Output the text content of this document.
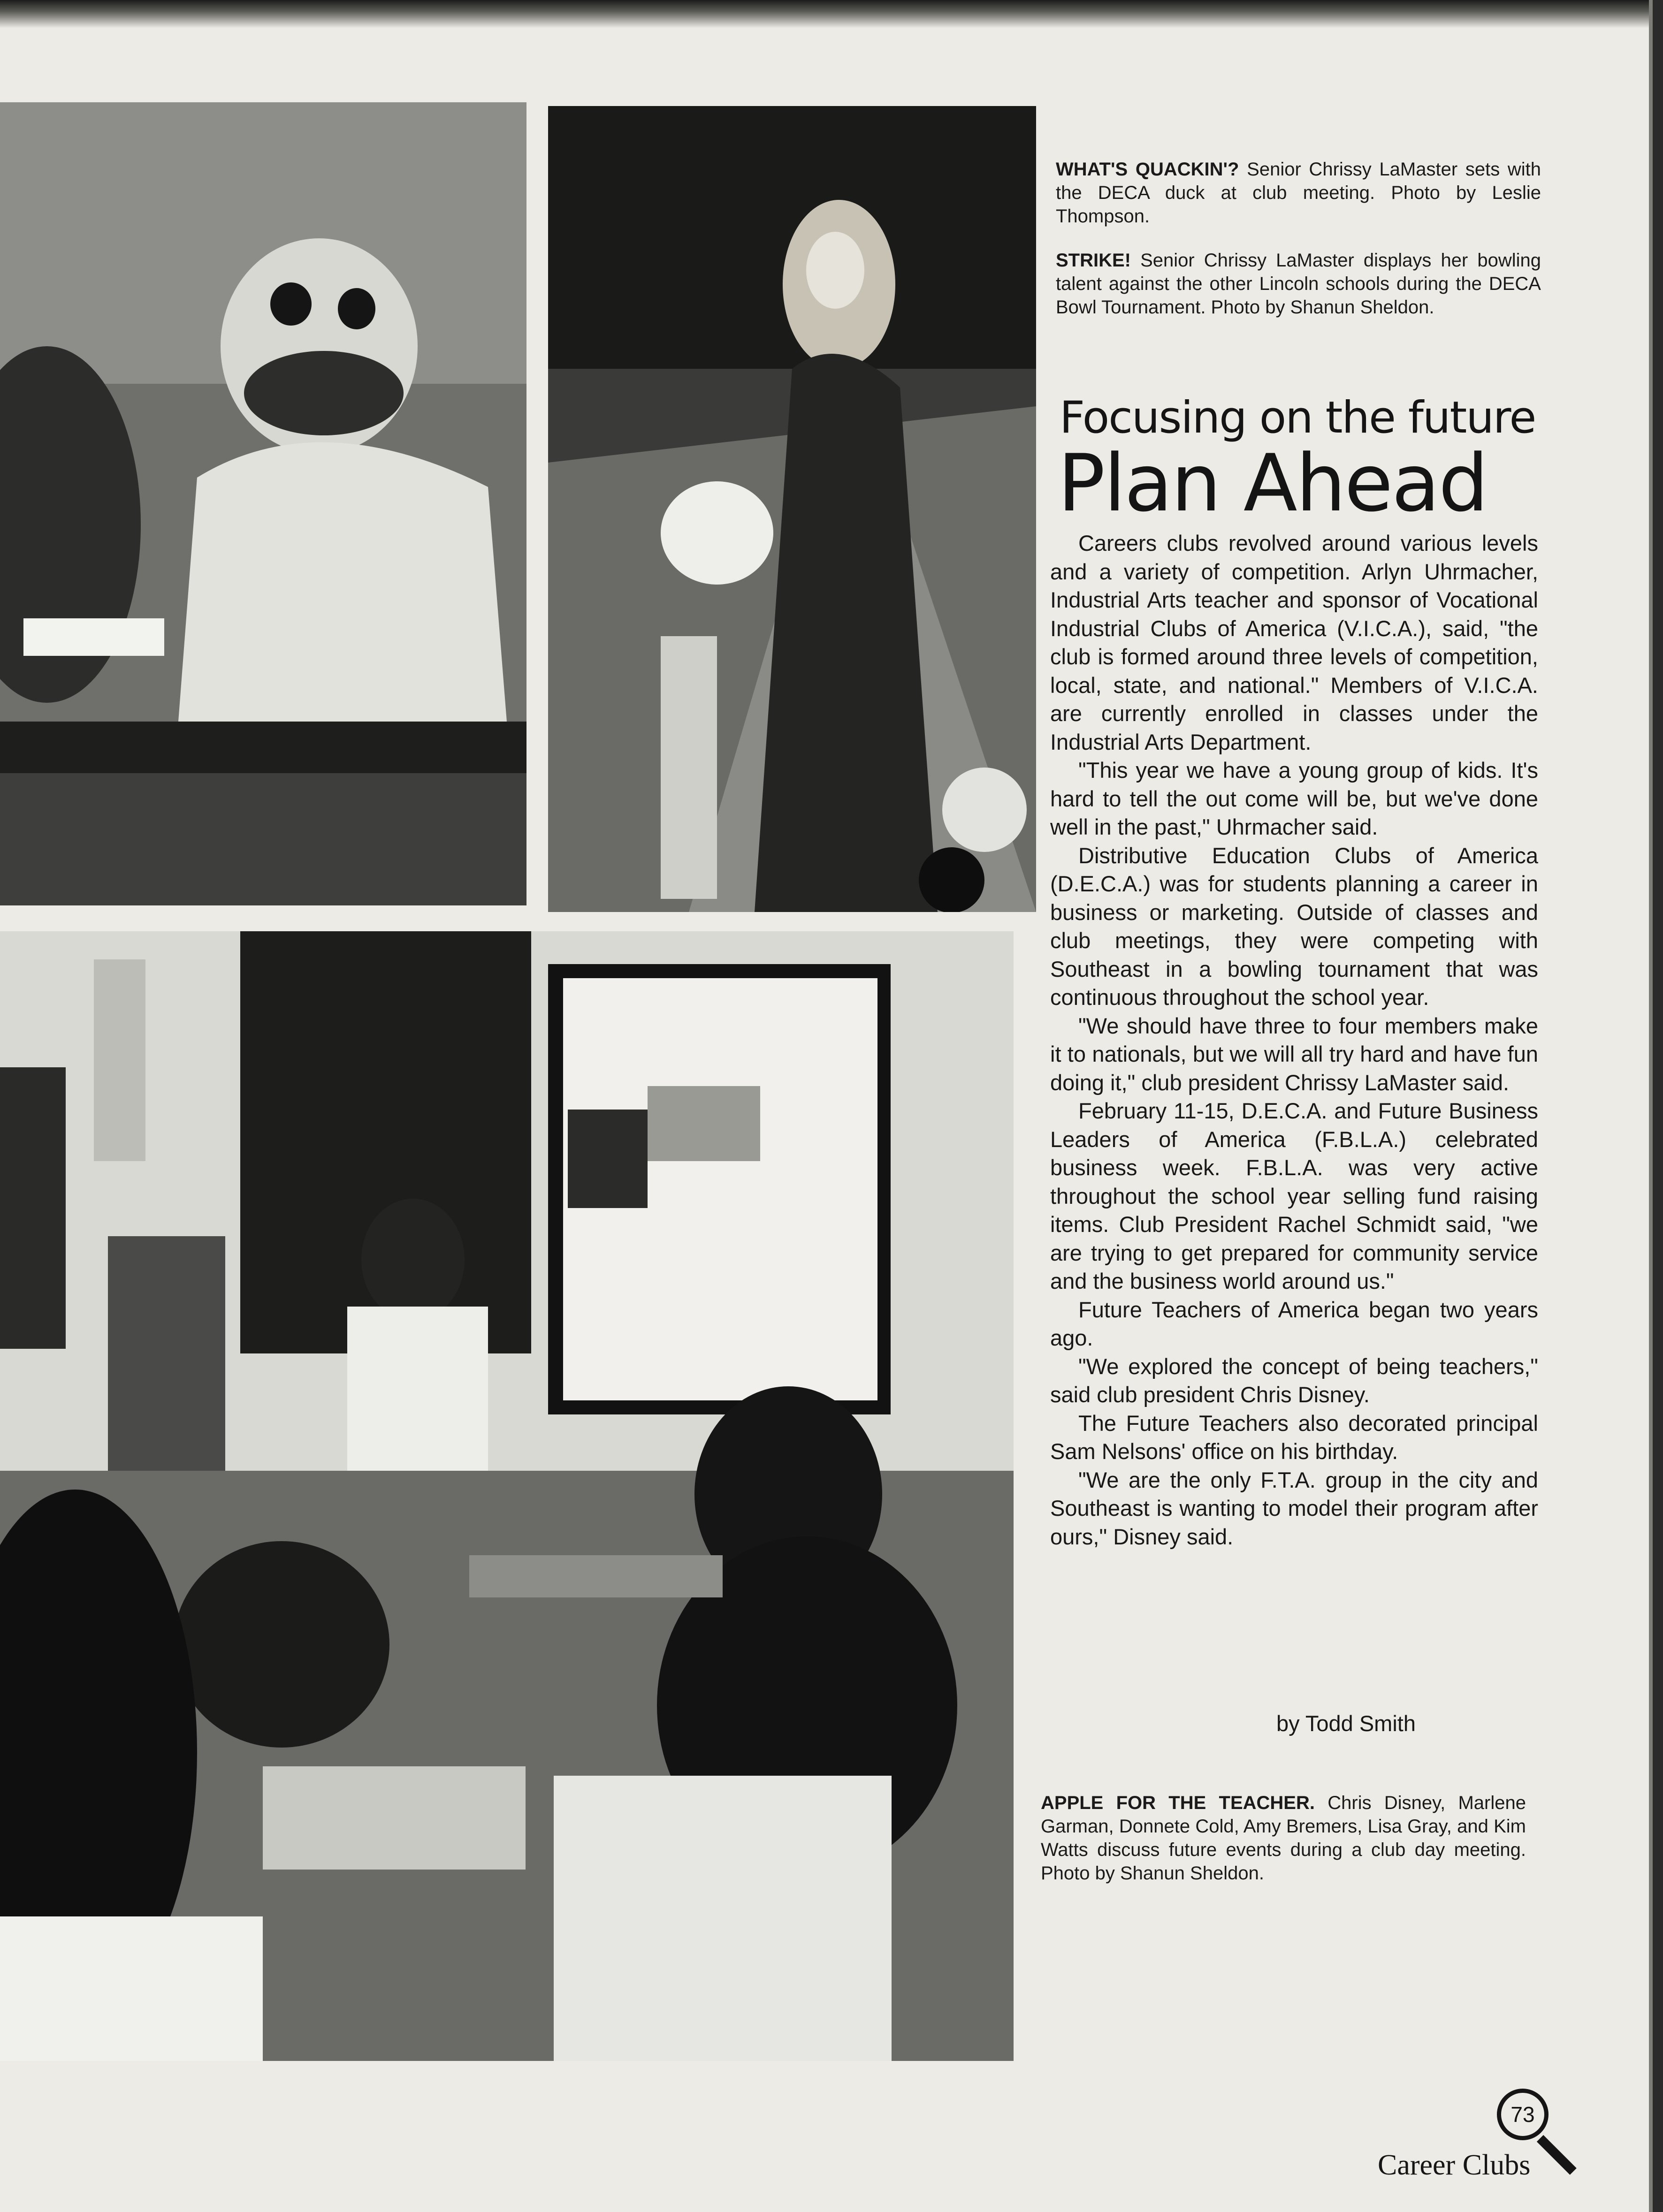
WHAT'S QUACKIN'? Senior Chrissy LaMaster sets with the DECA duck at club meeting. Photo by Leslie Thompson.
STRIKE! Senior Chrissy LaMaster displays her bowling talent against the other Lincoln schools during the DECA Bowl Tournament. Photo by Shanun Sheldon.
Focusing on the future
Plan Ahead

Careers clubs revolved around various levels and a variety of competition. Arlyn Uhrmacher, Industrial Arts teacher and sponsor of Vocational Industrial Clubs of America (V.I.C.A.), said, "the club is formed around three levels of competition, local, state, and national." Members of V.I.C.A. are currently enrolled in classes under the Industrial Arts Department.

"This year we have a young group of kids. It's hard to tell the out come will be, but we've done well in the past," Uhrmacher said.

Distributive Education Clubs of America (D.E.C.A.) was for students planning a career in business or marketing. Outside of classes and club meetings, they were competing with Southeast in a bowling tournament that was continuous throughout the school year.

"We should have three to four members make it to nationals, but we will all try hard and have fun doing it," club president Chrissy LaMaster said.

February 11-15, D.E.C.A. and Future Business Leaders of America (F.B.L.A.) celebrated business week. F.B.L.A. was very active throughout the school year selling fund raising items. Club President Rachel Schmidt said, "we are trying to get prepared for community service and the business world around us."

Future Teachers of America began two years ago.

"We explored the concept of being teachers," said club president Chris Disney.

The Future Teachers also decorated principal Sam Nelsons' office on his birthday.

"We are the only F.T.A. group in the city and Southeast is wanting to model their program after ours," Disney said.

by Todd Smith
APPLE FOR THE TEACHER. Chris Disney, Marlene Garman, Donnete Cold, Amy Bremers, Lisa Gray, and Kim Watts discuss future events during a club day meeting. Photo by Shanun Sheldon.
73
Career Clubs
